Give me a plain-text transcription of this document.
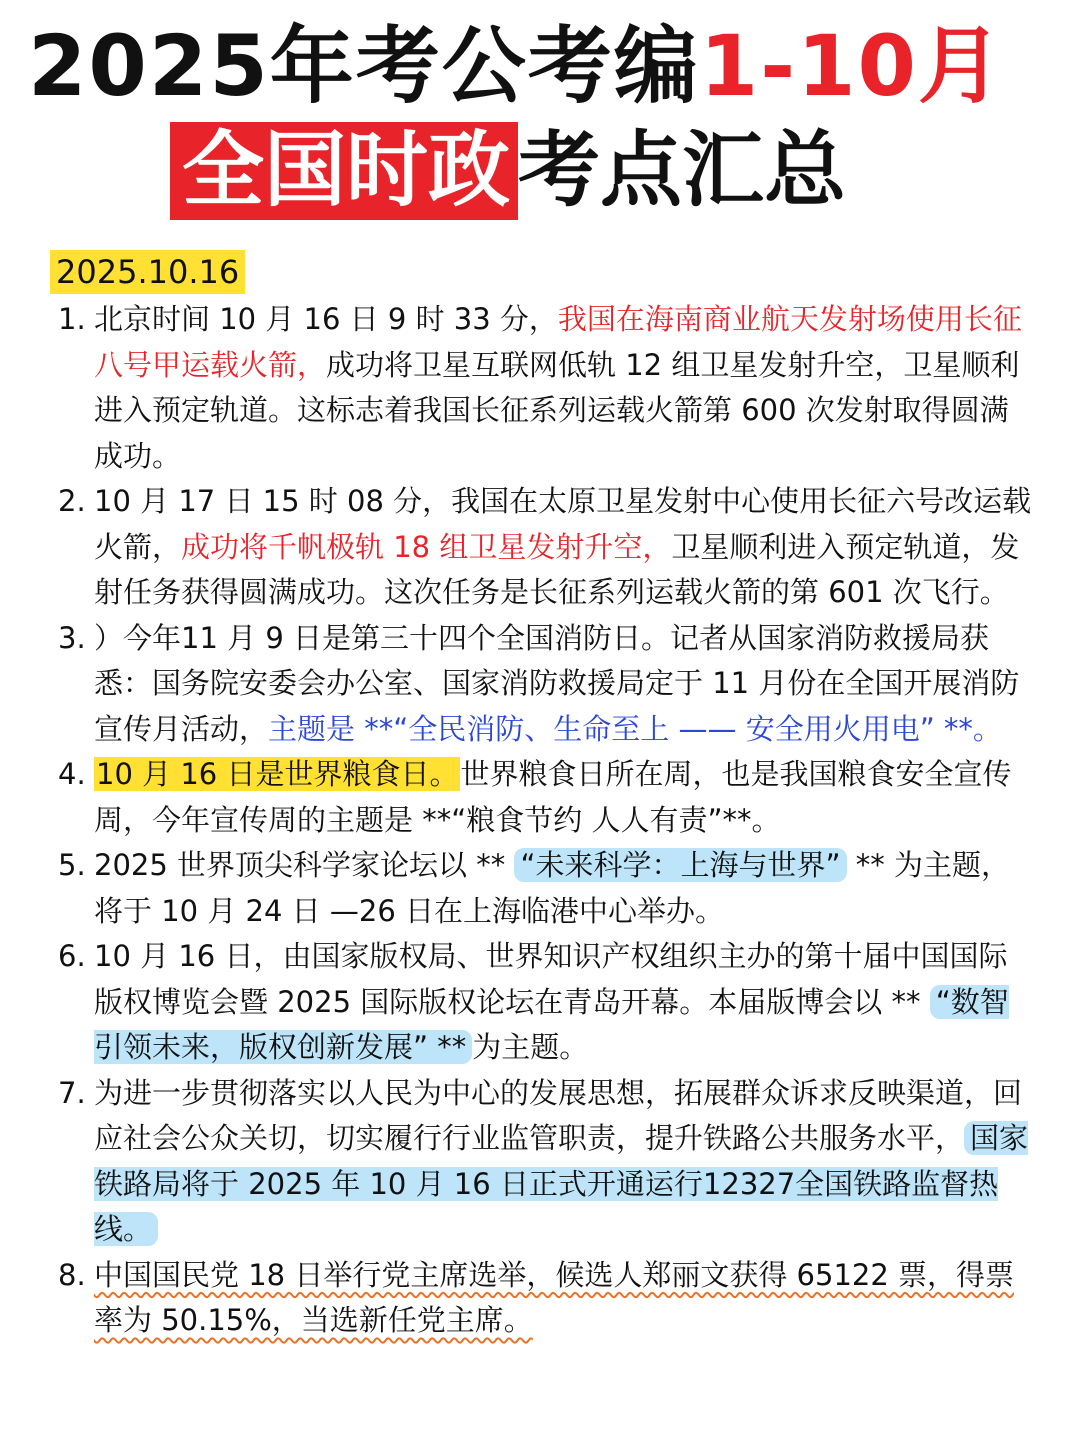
2025年考公考编1-10月
全国时政考点汇总
2025.10.16
1. 北京时间 10 月 16 日 9 时 33 分，我国在海南商业航天发射场使用长征八号甲运载火箭，成功将卫星互联网低轨 12 组卫星发射升空，卫星顺利进入预定轨道。这标志着我国长征系列运载火箭第 600 次发射取得圆满成功。
2. 10 月 17 日 15 时 08 分，我国在太原卫星发射中心使用长征六号改运载火箭，成功将千帆极轨 18 组卫星发射升空，卫星顺利进入预定轨道，发射任务获得圆满成功。这次任务是长征系列运载火箭的第 601 次飞行。
3. ）今年11 月 9 日是第三十四个全国消防日。记者从国家消防救援局获悉：国务院安委会办公室、国家消防救援局定于 11 月份在全国开展消防宣传月活动，主题是 **“全民消防、生命至上 —— 安全用火用电” **。
4. 10 月 16 日是世界粮食日。世界粮食日所在周，也是我国粮食安全宣传周，今年宣传周的主题是 **“粮食节约 人人有责”**。
5. 2025 世界顶尖科学家论坛以 ** “未来科学：上海与世界” ** 为主题，将于 10 月 24 日 —26 日在上海临港中心举办。
6. 10 月 16 日，由国家版权局、世界知识产权组织主办的第十届中国国际版权博览会暨 2025 国际版权论坛在青岛开幕。本届版博会以 ** “数智引领未来，版权创新发展” ** 为主题。
7. 为进一步贯彻落实以人民为中心的发展思想，拓展群众诉求反映渠道，回应社会公众关切，切实履行行业监管职责，提升铁路公共服务水平， 国家铁路局将于 2025 年 10 月 16 日正式开通运行12327全国铁路监督热线。
8. 中国国民党 18 日举行党主席选举，候选人郑丽文获得 65122 票，得票率为 50.15%，当选新任党主席。
